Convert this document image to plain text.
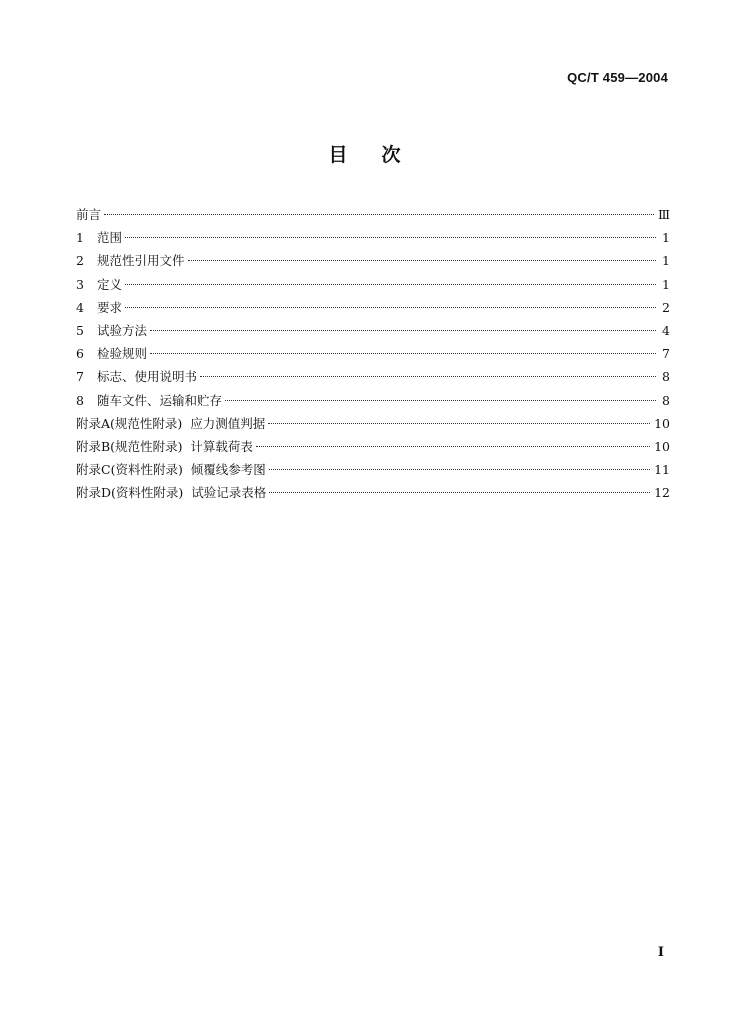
QC/T 459—2004
目次
前言	Ⅲ
1	范围	1
2	规范性引用文件	1
3	定义	1
4	要求	2
5	试验方法	4
6	检验规则	7
7	标志、使用说明书	8
8	随车文件、运输和贮存	8
附录A(规范性附录)  应力测值判据	10
附录B(规范性附录)  计算载荷表	10
附录C(资料性附录)  倾覆线参考图	11
附录D(资料性附录)  试验记录表格	12
I
